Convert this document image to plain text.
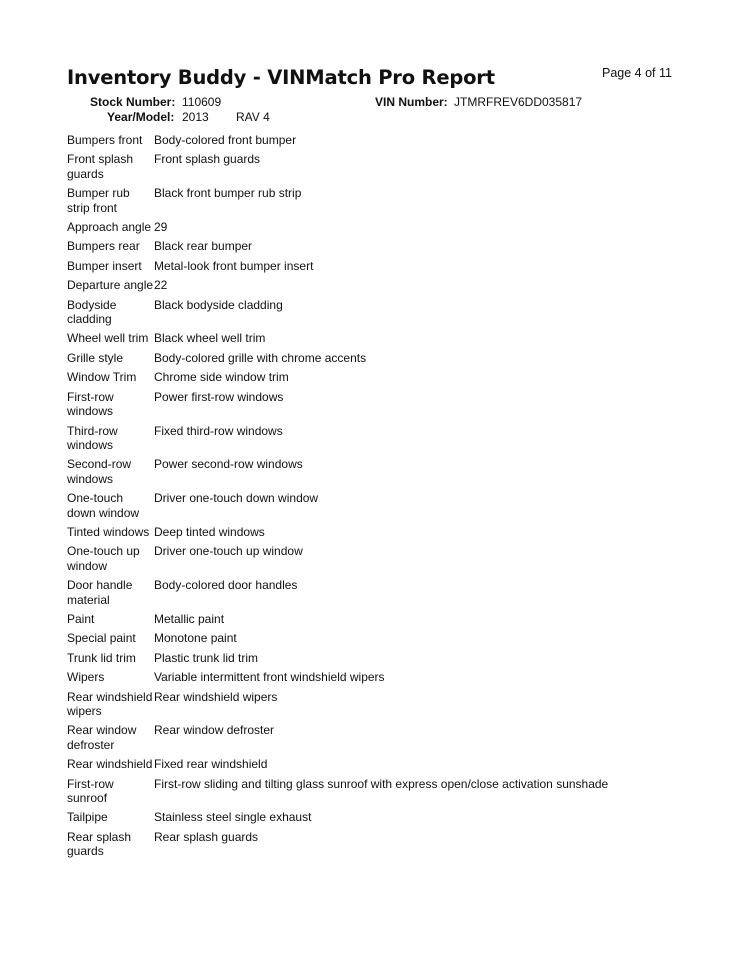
Page 4 of 11
Inventory Buddy - VINMatch Pro Report
Stock Number: 110609	VIN Number: JTMRFREV6DD035817
Year/Model: 2013 RAV 4
Bumpers front	Body-colored front bumper
Front splash guards	Front splash guards
Bumper rub strip front	Black front bumper rub strip
Approach angle	29
Bumpers rear	Black rear bumper
Bumper insert	Metal-look front bumper insert
Departure angle	22
Bodyside cladding	Black bodyside cladding
Wheel well trim	Black wheel well trim
Grille style	Body-colored grille with chrome accents
Window Trim	Chrome side window trim
First-row windows	Power first-row windows
Third-row windows	Fixed third-row windows
Second-row windows	Power second-row windows
One-touch down window	Driver one-touch down window
Tinted windows	Deep tinted windows
One-touch up window	Driver one-touch up window
Door handle material	Body-colored door handles
Paint	Metallic paint
Special paint	Monotone paint
Trunk lid trim	Plastic trunk lid trim
Wipers	Variable intermittent front windshield wipers
Rear windshield wipers	Rear windshield wipers
Rear window defroster	Rear window defroster
Rear windshield	Fixed rear windshield
First-row sunroof	First-row sliding and tilting glass sunroof with express open/close activation sunshade
Tailpipe	Stainless steel single exhaust
Rear splash guards	Rear splash guards
